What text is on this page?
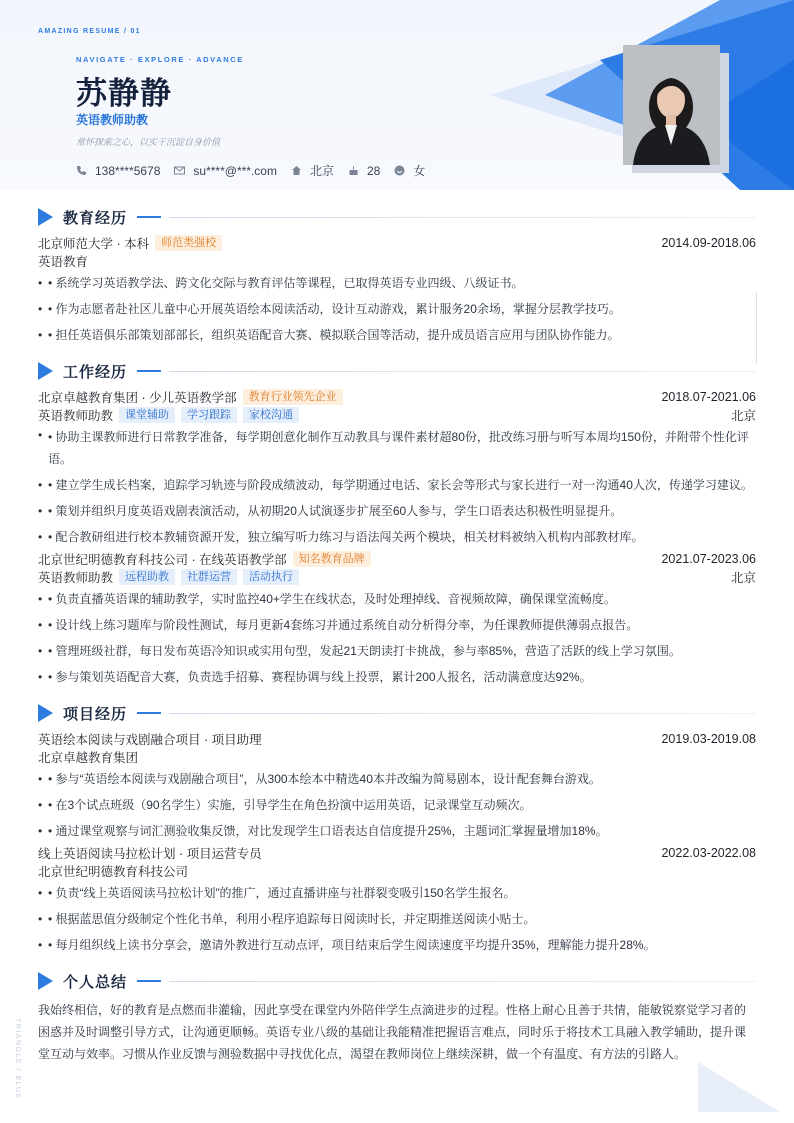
AMAZING RESUME / 01
NAVIGATE · EXPLORE · ADVANCE
苏静静
英语教师助教
常怀探索之心，以实干沉淀自身价值
138****5678	su****@***.com	北京	28	女
教育经历
北京师范大学 · 本科	师范类强校	2014.09-2018.06
英语教育
• • 系统学习英语教学法、跨文化交际与教育评估等课程，已取得英语专业四级、八级证书。
• • 作为志愿者赴社区儿童中心开展英语绘本阅读活动，设计互动游戏，累计服务20余场，掌握分层教学技巧。
• • 担任英语俱乐部策划部部长，组织英语配音大赛、模拟联合国等活动，提升成员语言应用与团队协作能力。
工作经历
北京卓越教育集团 · 少儿英语教学部	教育行业领先企业	2018.07-2021.06
英语教师助教	课堂辅助	学习跟踪	家校沟通	北京
• • 协助主课教师进行日常教学准备，每学期创意化制作互动教具与课件素材超80份，批改练习册与听写本周均150份，并附带个性化评语。
• • 建立学生成长档案，追踪学习轨迹与阶段成绩波动，每学期通过电话、家长会等形式与家长进行一对一沟通40人次，传递学习建议。
• • 策划并组织月度英语戏剧表演活动，从初期20人试演逐步扩展至60人参与，学生口语表达积极性明显提升。
• • 配合教研组进行校本教辅资源开发，独立编写听力练习与语法闯关两个模块，相关材料被纳入机构内部教材库。
北京世纪明德教育科技公司 · 在线英语教学部	知名教育品牌	2021.07-2023.06
英语教师助教	远程助教	社群运营	活动执行	北京
• • 负责直播英语课的辅助教学，实时监控40+学生在线状态，及时处理掉线、音视频故障，确保课堂流畅度。
• • 设计线上练习题库与阶段性测试，每月更新4套练习并通过系统自动分析得分率，为任课教师提供薄弱点报告。
• • 管理班级社群，每日发布英语冷知识或实用句型，发起21天朗读打卡挑战，参与率85%，营造了活跃的线上学习氛围。
• • 参与策划英语配音大赛，负责选手招募、赛程协调与线上投票，累计200人报名，活动满意度达92%。
项目经历
英语绘本阅读与戏剧融合项目 · 项目助理	2019.03-2019.08
北京卓越教育集团
• • 参与“英语绘本阅读与戏剧融合项目”，从300本绘本中精选40本并改编为简易剧本，设计配套舞台游戏。
• • 在3个试点班级（90名学生）实施，引导学生在角色扮演中运用英语，记录课堂互动频次。
• • 通过课堂观察与词汇测验收集反馈，对比发现学生口语表达自信度提升25%，主题词汇掌握量增加18%。
线上英语阅读马拉松计划 · 项目运营专员	2022.03-2022.08
北京世纪明德教育科技公司
• • 负责“线上英语阅读马拉松计划”的推广，通过直播讲座与社群裂变吸引150名学生报名。
• • 根据蓝思值分级制定个性化书单，利用小程序追踪每日阅读时长，并定期推送阅读小贴士。
• • 每月组织线上读书分享会，邀请外教进行互动点评，项目结束后学生阅读速度平均提升35%，理解能力提升28%。
个人总结

我始终相信，好的教育是点燃而非灌输，因此享受在课堂内外陪伴学生点滴进步的过程。性格上耐心且善于共情，能敏锐察觉学习者的困惑并及时调整引导方式，让沟通更顺畅。英语专业八级的基础让我能精准把握语言难点，同时乐于将技术工具融入教学辅助，提升课堂互动与效率。习惯从作业反馈与测验数据中寻找优化点，渴望在教师岗位上继续深耕，做一个有温度、有方法的引路人。

TRIANGLE / BLUE
